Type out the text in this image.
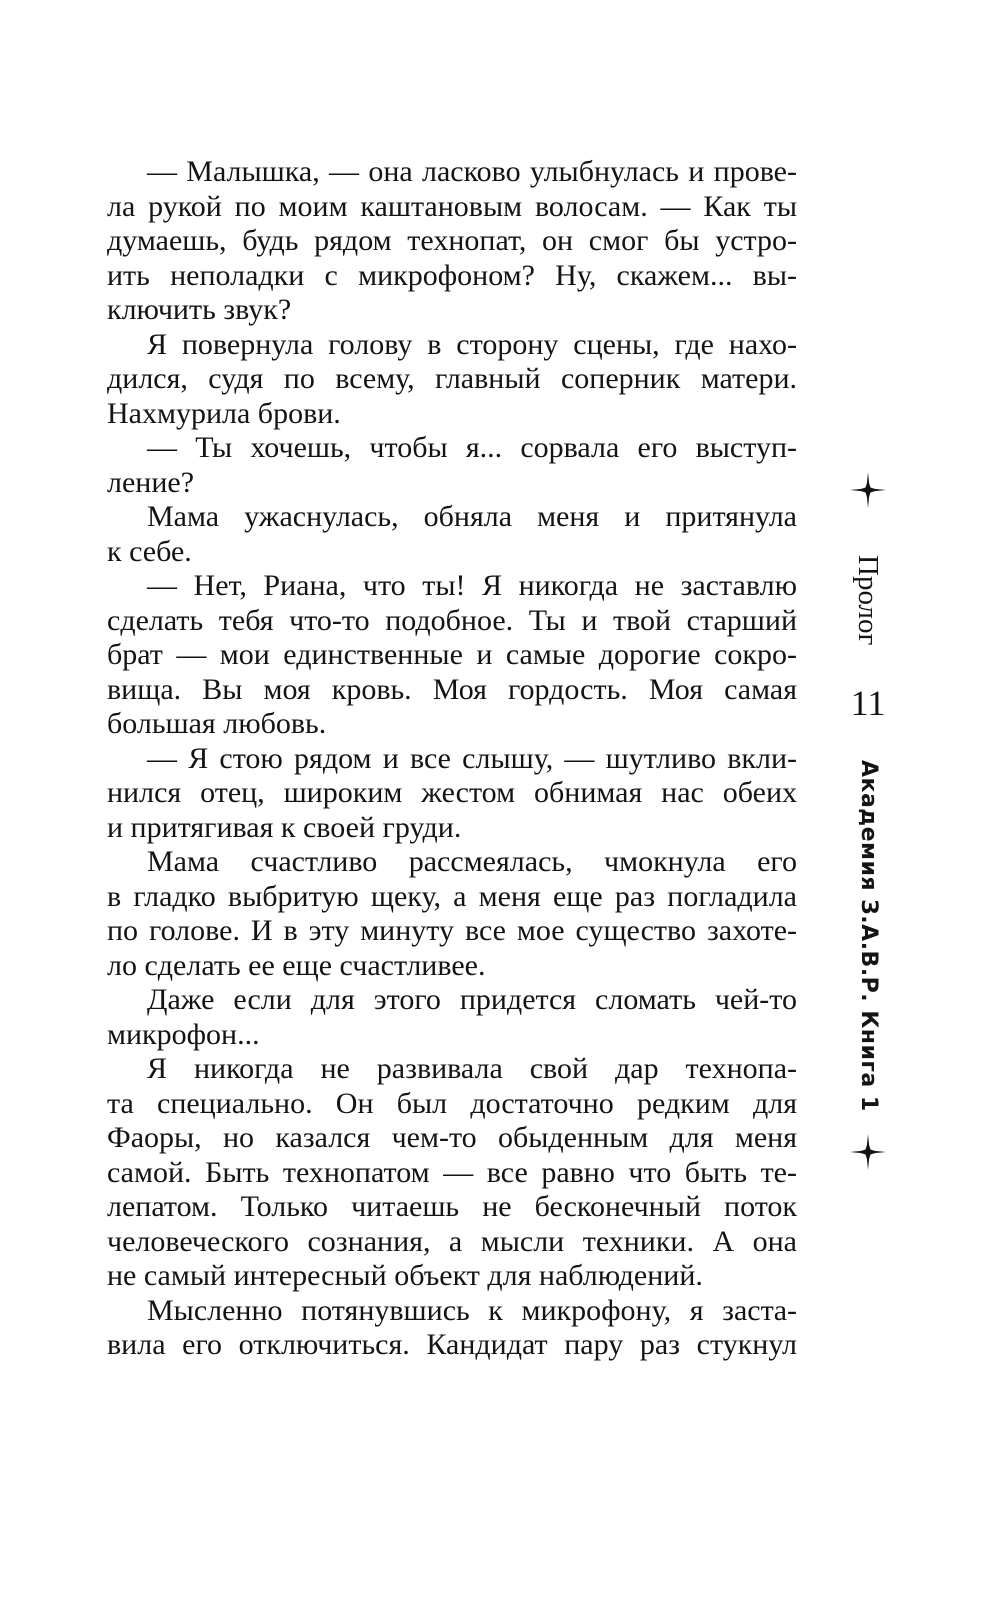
— Малышка, — она ласково улыбнулась и прове-
ла рукой по моим каштановым волосам. — Как ты
думаешь, будь рядом технопат, он смог бы устро-
ить неполадки с микрофоном? Ну, скажем... вы-
ключить звук?
Я повернула голову в сторону сцены, где нахо-
дился, судя по всему, главный соперник матери.
Нахмурила брови.
— Ты хочешь, чтобы я... сорвала его выступ-
ление?
Мама ужаснулась, обняла меня и притянула
к себе.
— Нет, Риана, что ты! Я никогда не заставлю
сделать тебя что-то подобное. Ты и твой старший
брат — мои единственные и самые дорогие сокро-
вища. Вы моя кровь. Моя гордость. Моя самая
большая любовь.
— Я стою рядом и все слышу, — шутливо вкли-
нился отец, широким жестом обнимая нас обеих
и притягивая к своей груди.
Мама счастливо рассмеялась, чмокнула его
в гладко выбритую щеку, а меня еще раз погладила
по голове. И в эту минуту все мое существо захоте-
ло сделать ее еще счастливее.
Даже если для этого придется сломать чей-то
микрофон...
Я никогда не развивала свой дар технопа-
та специально. Он был достаточно редким для
Фаоры, но казался чем-то обыденным для меня
самой. Быть технопатом — все равно что быть те-
лепатом. Только читаешь не бесконечный поток
человеческого сознания, а мысли техники. А она
не самый интересный объект для наблюдений.
Мысленно потянувшись к микрофону, я застa-
вила его отключиться. Кандидат пару раз стукнул
Пролог
11
Академия З.А.В.Р. Книга 1
